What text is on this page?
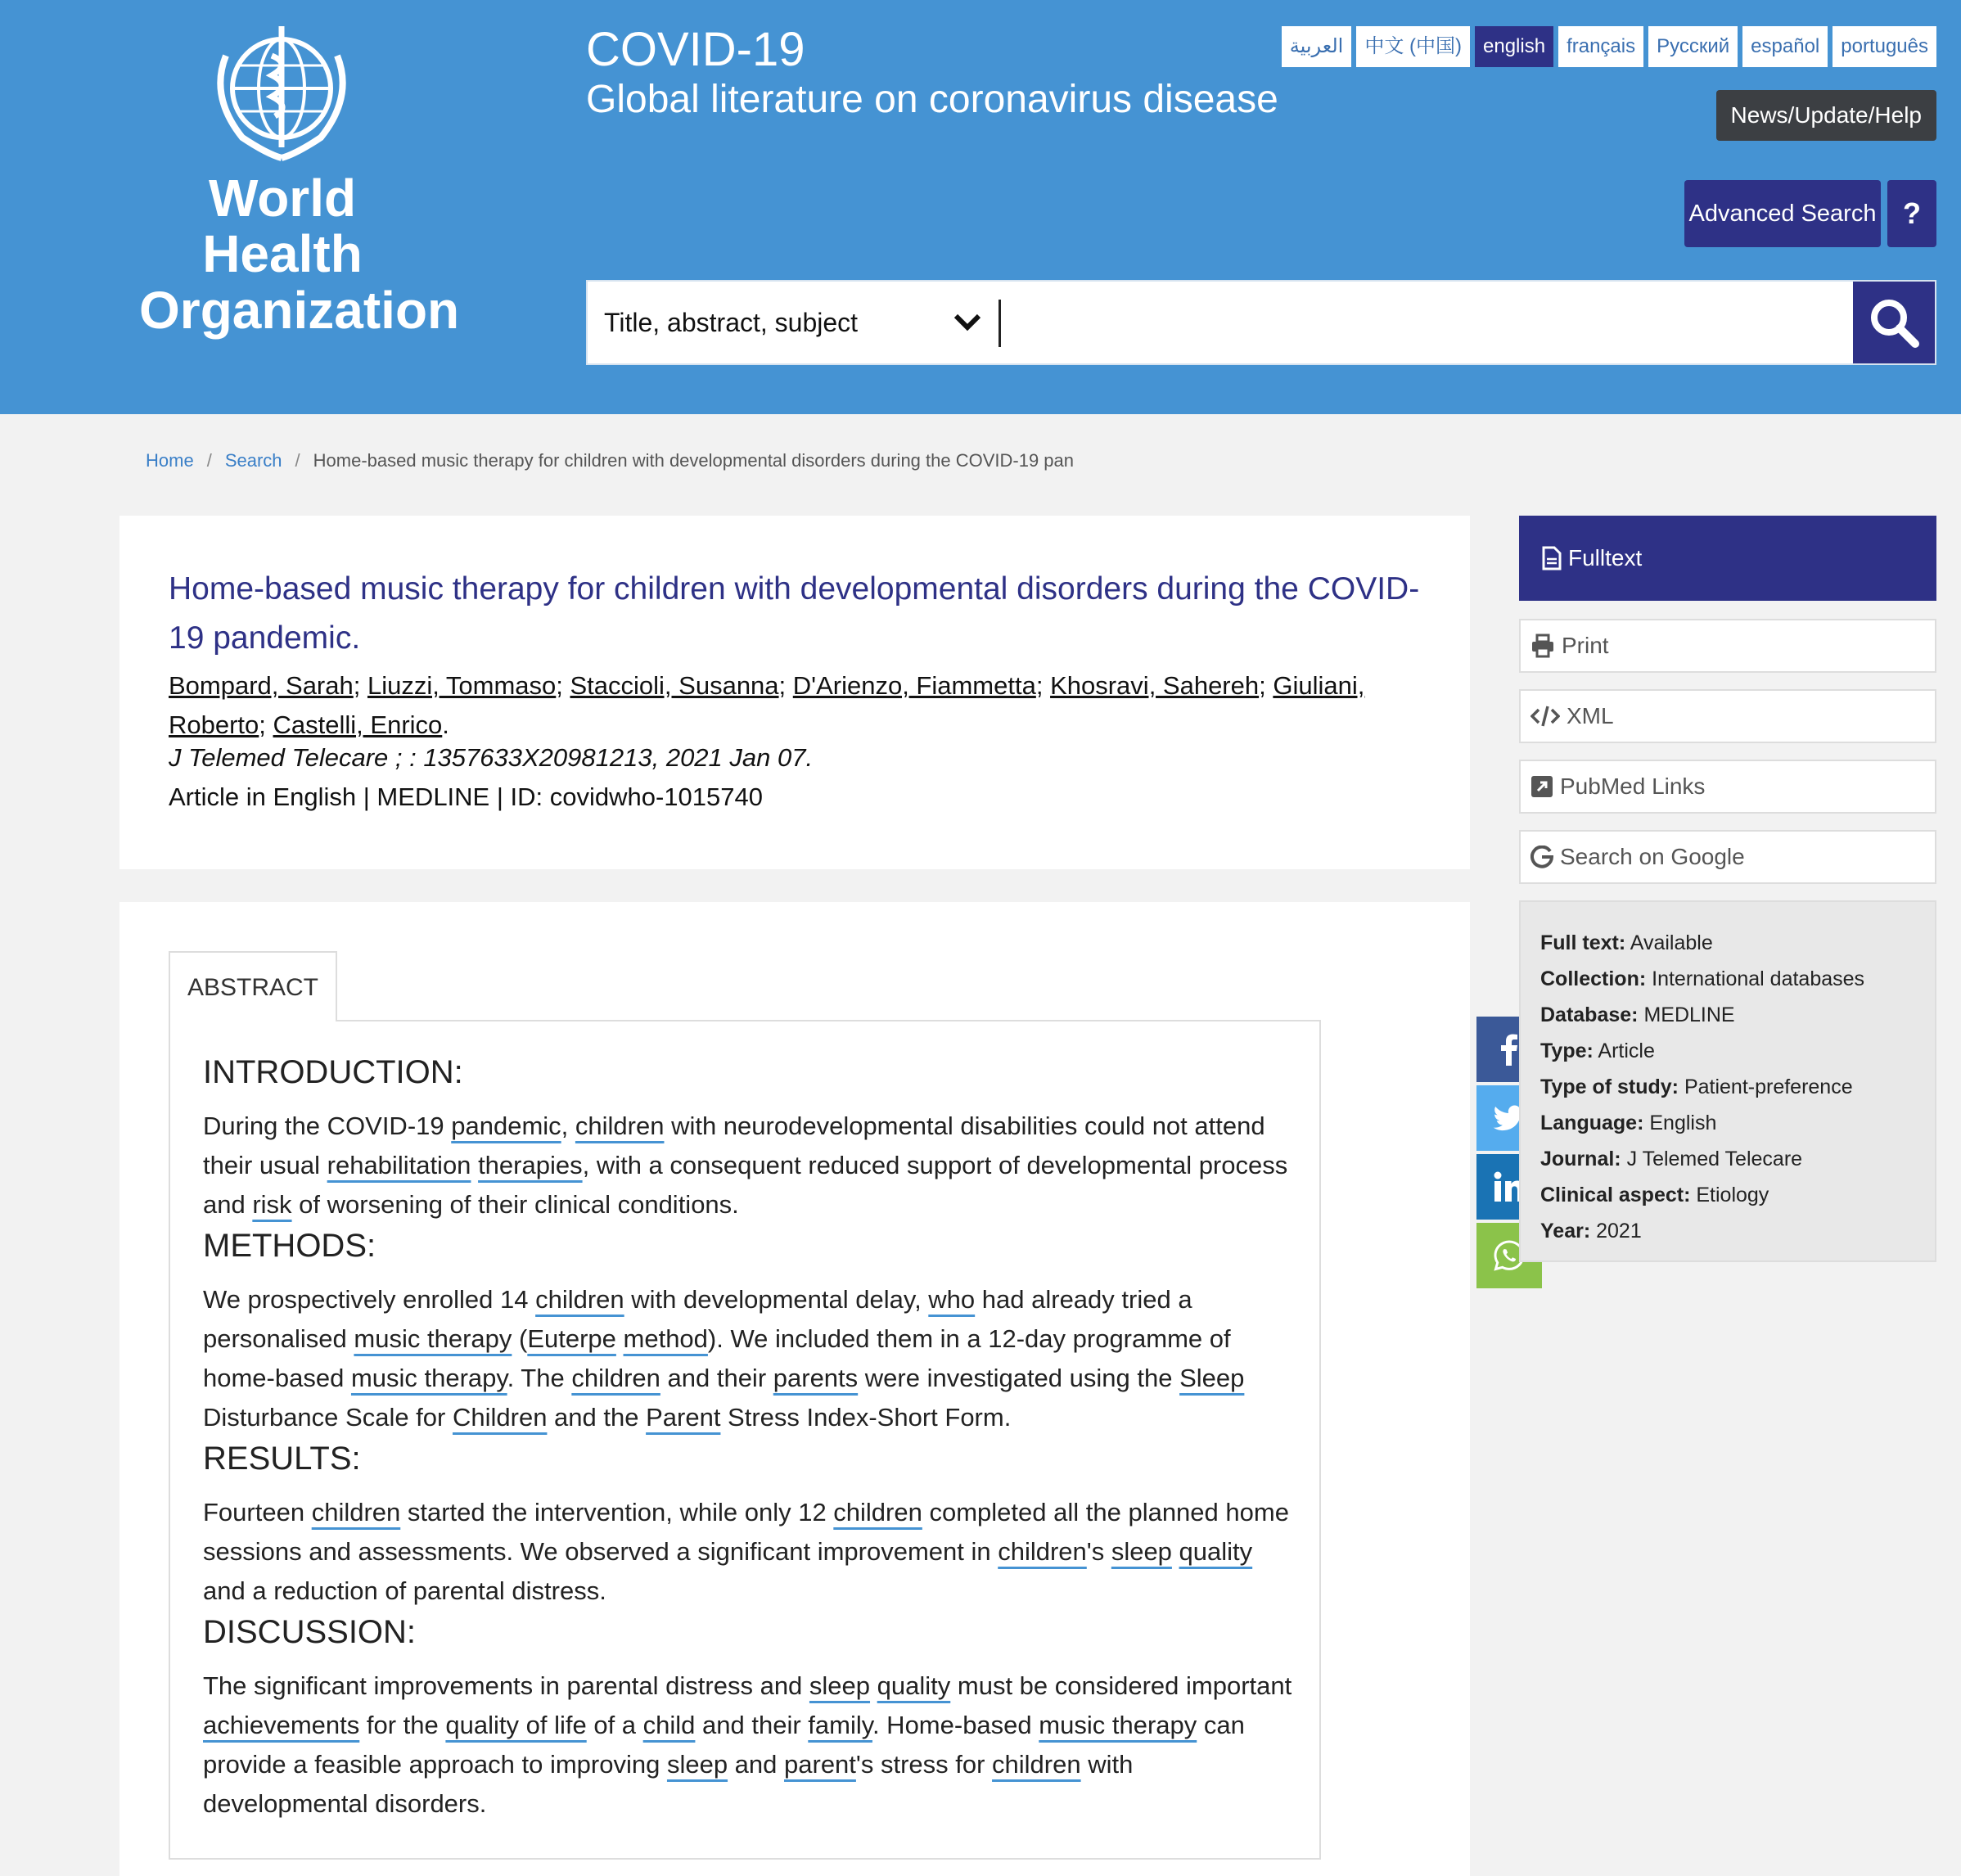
World Health
Organization
COVID-19
Global literature on coronavirus disease
العربية	中文 (中国)	english	français	Русский	español	português
News/Update/Help
Advanced Search ?
Title, abstract, subject
Home / Search / Home-based music therapy for children with developmental disorders during the COVID-19 pan
Home-based music therapy for children with developmental disorders during the COVID-19 pandemic.
Bompard, Sarah; Liuzzi, Tommaso; Staccioli, Susanna; D'Arienzo, Fiammetta; Khosravi, Sahereh; Giuliani, Roberto; Castelli, Enrico.
J Telemed Telecare ; : 1357633X20981213, 2021 Jan 07.
Article in English | MEDLINE | ID: covidwho-1015740
ABSTRACT
INTRODUCTION:
During the COVID-19 pandemic, children with neurodevelopmental disabilities could not attend their usual rehabilitation therapies, with a consequent reduced support of developmental process and risk of worsening of their clinical conditions.
METHODS:
We prospectively enrolled 14 children with developmental delay, who had already tried a personalised music therapy (Euterpe method). We included them in a 12-day programme of home-based music therapy. The children and their parents were investigated using the Sleep Disturbance Scale for Children and the Parent Stress Index-Short Form.
RESULTS:
Fourteen children started the intervention, while only 12 children completed all the planned home sessions and assessments. We observed a significant improvement in children's sleep quality and a reduction of parental distress.
DISCUSSION:
The significant improvements in parental distress and sleep quality must be considered important achievements for the quality of life of a child and their family. Home-based music therapy can provide a feasible approach to improving sleep and parent's stress for children with developmental disorders.
Fulltext
Print
XML
PubMed Links
Search on Google
Full text: Available
Collection: International databases
Database: MEDLINE
Type: Article
Type of study: Patient-preference
Language: English
Journal: J Telemed Telecare
Clinical aspect: Etiology
Year: 2021
